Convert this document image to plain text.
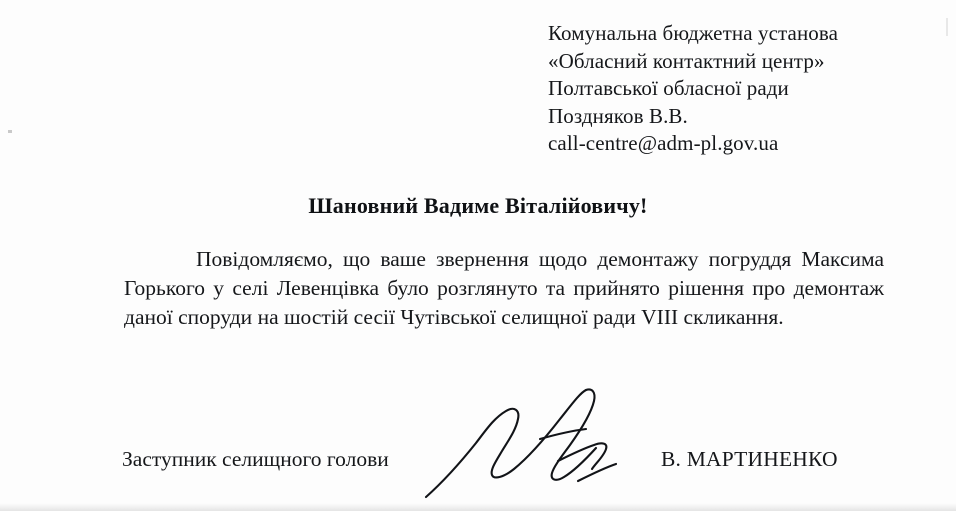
Комунальна бюджетна установа
«Обласний контактний центр»
Полтавської обласної ради
Поздняков В.В.
call-centre@adm-pl.gov.ua
Шановний Вадиме Віталійовичу!
Повідомляємо, що ваше звернення щодо демонтажу погруддя Максима Горького у селі Левенцівка було розглянуто та прийнято рішення про демонтаж даної споруди на шостій сесії Чутівської селищної ради VIII скликання.
Заступник селищного голови	В. МАРТИНЕНКО
